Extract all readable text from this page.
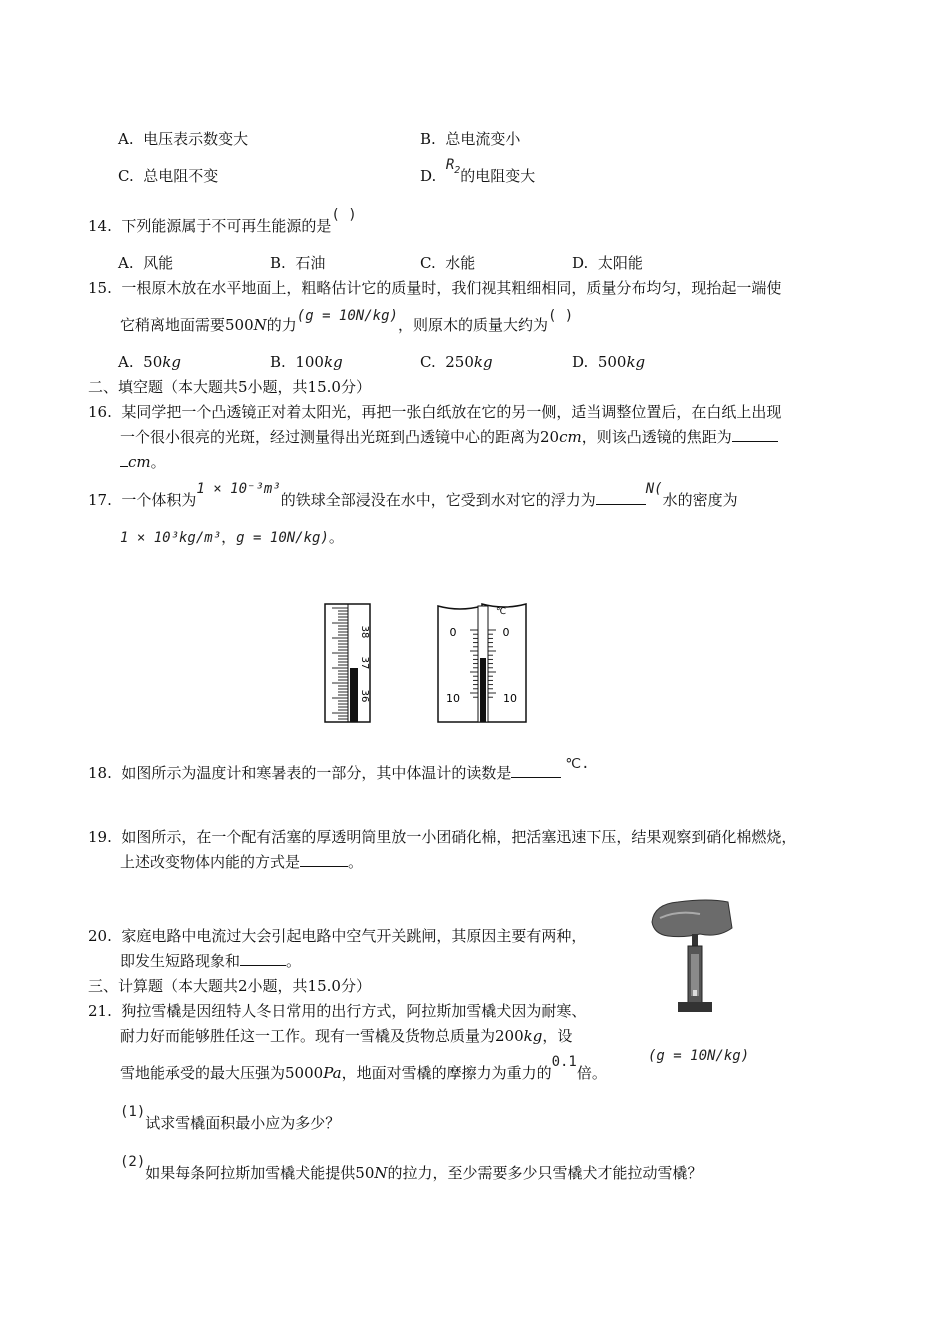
A. 电压表示数变大	B. 总电流变小
C. 总电阻不变	D.  $R_2$的电阻变大
14. 下列能源属于不可再生能源的是( )
A. 风能	B. 石油	C. 水能	D. 太阳能
15. 一根原木放在水平地面上，粗略估计它的质量时，我们视其粗细相同，质量分布均匀，现抬起一端使
它稍离地面需要500N的力(g = 10N/kg)，则原木的质量大约为( )
A. 50kg	B. 100kg	C. 250kg	D. 500kg
二、填空题（本大题共5小题，共15.0分）
16. 某同学把一个凸透镜正对着太阳光，再把一张白纸放在它的另一侧，适当调整位置后，在白纸上出现
一个很小很亮的光斑，经过测量得出光斑到凸透镜中心的距离为20cm，则该凸透镜的焦距为
cm。
17. 一个体积为1 × 10⁻³m³的铁球全部浸没在水中，它受到水对它的浮力为N(水的密度为
1 × 10³kg/m³，g = 10N/kg)。
38
37
36
℃
0	0
10	10
18. 如图所示为温度计和寒暑表的一部分，其中体温计的读数是	℃.
19. 如图所示，在一个配有活塞的厚透明筒里放一小团硝化棉，把活塞迅速下压，结果观察到硝化棉燃烧，
上述改变物体内能的方式是	。
20. 家庭电路中电流过大会引起电路中空气开关跳闸，其原因主要有两种，
即发生短路现象和	。
三、计算题（本大题共2小题，共15.0分）
21. 狗拉雪橇是因纽特人冬日常用的出行方式，阿拉斯加雪橇犬因为耐寒、
耐力好而能够胜任这一工作。现有一雪橇及货物总质量为200kg，设
雪地能承受的最大压强为5000Pa，地面对雪橇的摩擦力为重力的0.1倍。
(g = 10N/kg)
(1)试求雪橇面积最小应为多少？
(2)如果每条阿拉斯加雪橇犬能提供50N的拉力，至少需要多少只雪橇犬才能拉动雪橇？
